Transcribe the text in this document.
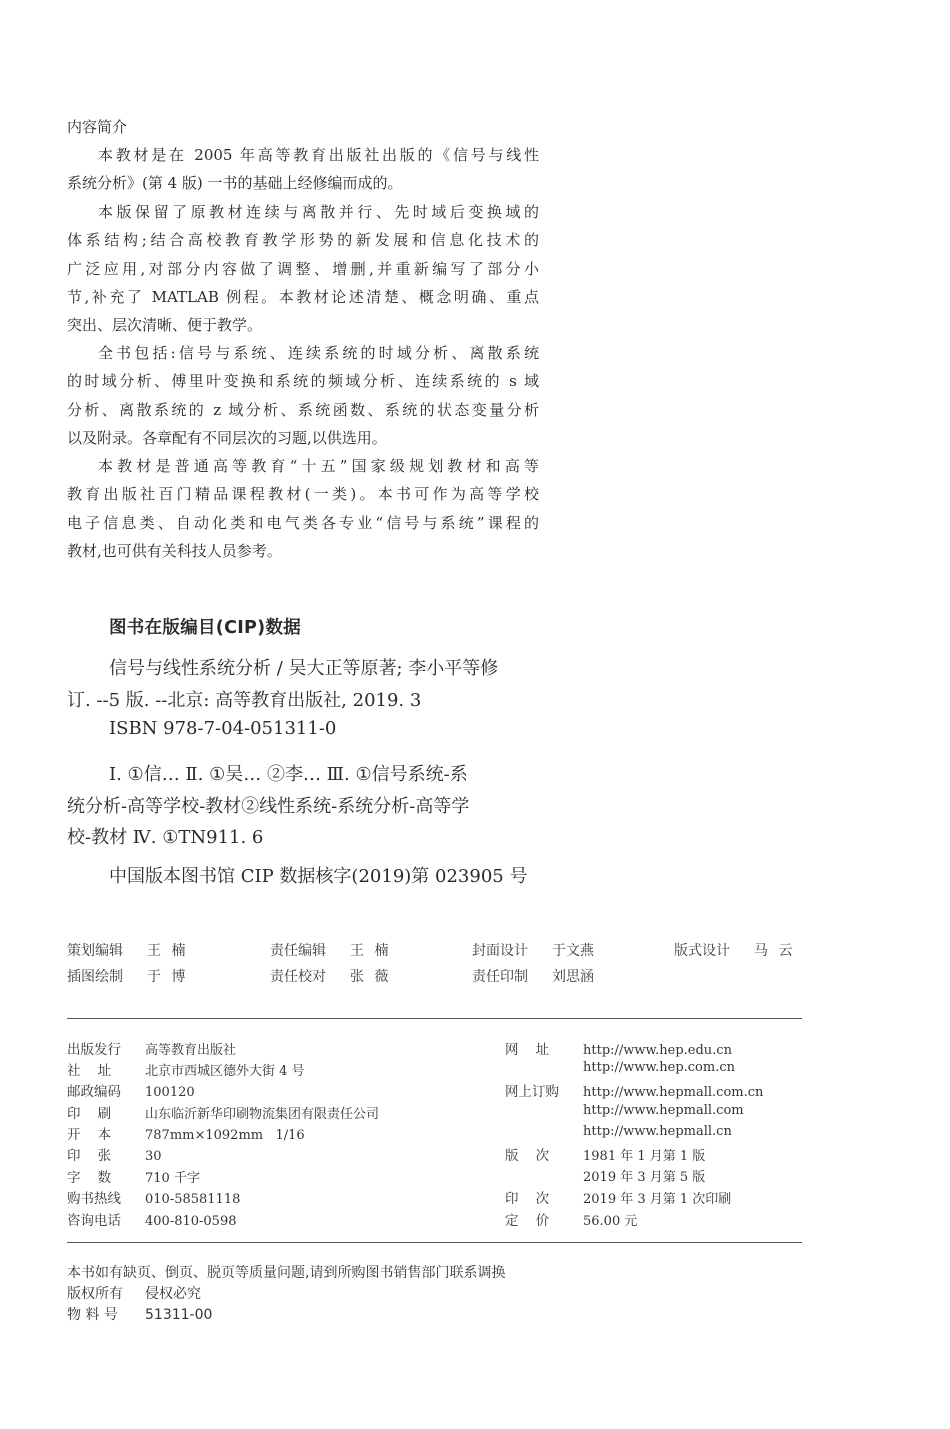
内容简介
本教材是在 2005 年高等教育出版社出版的《信号与线性
系统分析》(第 4 版) 一书的基础上经修编而成的。
本版保留了原教材连续与离散并行、先时域后变换域的
体系结构;结合高校教育教学形势的新发展和信息化技术的
广泛应用,对部分内容做了调整、增删,并重新编写了部分小
节,补充了 MATLAB 例程。本教材论述清楚、概念明确、重点
突出、层次清晰、便于教学。
全书包括:信号与系统、连续系统的时域分析、离散系统
的时域分析、傅里叶变换和系统的频域分析、连续系统的 s 域
分析、离散系统的 z 域分析、系统函数、系统的状态变量分析
以及附录。各章配有不同层次的习题,以供选用。
本教材是普通高等教育“十五”国家级规划教材和高等
教育出版社百门精品课程教材(一类)。本书可作为高等学校
电子信息类、自动化类和电气类各专业“信号与系统”课程的
教材,也可供有关科技人员参考。
图书在版编目(CIP)数据
信号与线性系统分析 / 吴大正等原著; 李小平等修
订. --5 版. --北京: 高等教育出版社, 2019. 3
ISBN 978-7-04-051311-0
Ⅰ. ①信… Ⅱ. ①吴… ②李… Ⅲ. ①信号系统-系
统分析-高等学校-教材②线性系统-系统分析-高等学
校-教材 Ⅳ. ①TN911. 6
中国版本图书馆 CIP 数据核字(2019)第 023905 号
策划编辑 王 楠	责任编辑 王 楠	封面设计 于文燕	版式设计 马 云
插图绘制 于 博	责任校对 张 薇	责任印制 刘思涵
出版发行 高等教育出版社
社    址	北京市西城区德外大街 4 号
邮政编码 100120
印    刷	山东临沂新华印刷物流集团有限责任公司
开    本	787mm×1092mm   1/16
印    张	30
字    数	710 千字
购书热线 010-58581118
咨询电话 400-810-0598
网    址	http://www.hep.edu.cn
http://www.hep.com.cn
网上订购 http://www.hepmall.com.cn
http://www.hepmall.com
http://www.hepmall.cn
版    次	1981 年 1 月第 1 版
2019 年 3 月第 5 版
印    次	2019 年 3 月第 1 次印刷
定    价	56.00 元
本书如有缺页、倒页、脱页等质量问题,请到所购图书销售部门联系调换
版权所有 侵权必究
物 料 号 51311-00
